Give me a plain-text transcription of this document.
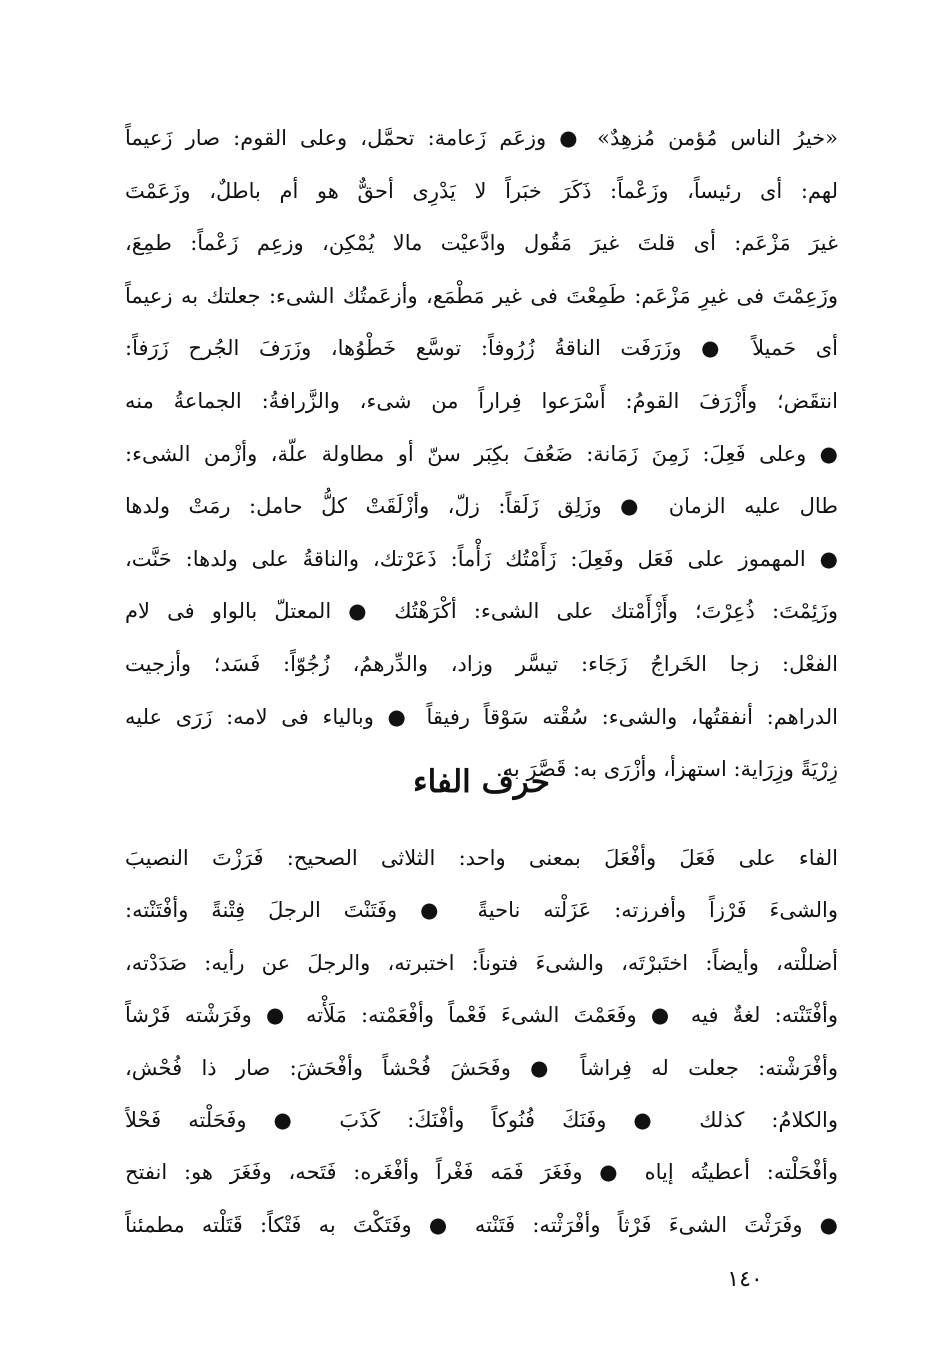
«خيرُ الناس مُؤمن مُزهِدٌ» ● وزعَم زَعامة: تحمَّل، وعلى القوم: صار زَعيماً
لهم: أى رئيساً، وزَعْماً: ذَكَرَ خبَراً لا يَدْرِى أحقٌّ هو أم باطلٌ، وزَعَمْتَ
غيرَ مَزْعَم: أى قلتَ غيرَ مَقُول وادَّعيْت مالا يُمْكِن، وزعِم زَعْماً: طمِعَ،
وزَعِمْتَ فى غيرِ مَزْعَم: طَمِعْتَ فى غير مَطْمَع، وأزعَمتُك الشىء: جعلتك به زعيماً
أى حَميلاً ● وزَرَفَت الناقةُ زُرُوفاً: توسَّع خَطْوُها، وزَرَفَ الجُرح زَرَفاً:
انتقَض؛ وأَزْرَفَ القومُ: أَسْرَعوا فِراراً من شىء، والزَّرافةُ: الجماعةُ منه
● وعلى فَعِلَ: زَمِنَ زَمَانة: ضَعُفَ بكِبَر سنّ أو مطاولة علّة، وأزْمن الشىء:
طال عليه الزمان ● وزَلِق زَلَقاً: زلّ، وأزْلَقَتْ كلُّ حامل: رمَتْ ولدها
● المهموز على فَعَل وفَعِلَ: زَأَمْتُك زَأْماً: ذَعَرْتك، والناقةُ على ولدها: حَنَّت،
وزَئِمْتَ: ذُعِرْتَ؛ وأَزْأَمْتك على الشىء: أكْرَهْتُك ● المعتلّ بالواو فى لام
الفعْل: زجا الخَراجُ زَجَاء: تيسَّر وزاد، والدِّرهمُ، زُجُوّاً: فَسَد؛ وأزجيت
الدراهم: أنفقتُها، والشىء: سُقْته سَوْقاً رفيقاً ● وبالياء فى لامه: زَرَى عليه
زِرْيَةً وزِرَاية: استهزأ، وأزْرَى به: قَصَّرَ به.
حرف الفاء
الفاء على فَعَلَ وأفْعَلَ بمعنى واحد: الثلاثى الصحيح: فَرَزْتَ النصيبَ
والشىءَ فَرْزاً وأفرزته: عَزَلْته ناحيةً ● وفَتَنْتَ الرجلَ فِتْنةً وأفْتَنْته:
أضللْته، وأيضاً: اختَبرْتَه، والشىءَ فتوناً: اختبرته، والرجلَ عن رأيه: صَدَدْته،
وأفْتَنْته: لغةٌ فيه ● وفَعَمْتَ الشىءَ فَعْماً وأفْعَمْته: مَلَأْته ● وفَرَشْته فَرْشاً
وأفْرَشْته: جعلت له فِراشاً ● وفَحَشَ فُحْشاً وأفْحَشَ: صار ذا فُحْش،
والكلامُ: كذلك ● وفَنَكَ فُنُوكاً وأفْنَكَ: كَذَبَ ● وفَحَلْته فَحْلاً
وأفْحَلْته: أعطيتُه إياه ● وفَغَرَ فَمَه فَغْراً وأفْغَره: فَتَحه، وفَغَرَ هو: انفتح
● وفَرَثْتَ الشىءَ فَرْثاً وأفْرَثْته: فَتَنْته ● وفَتَكْتَ به فَتْكاً: قَتَلْته مطمئناً
١٤٠
